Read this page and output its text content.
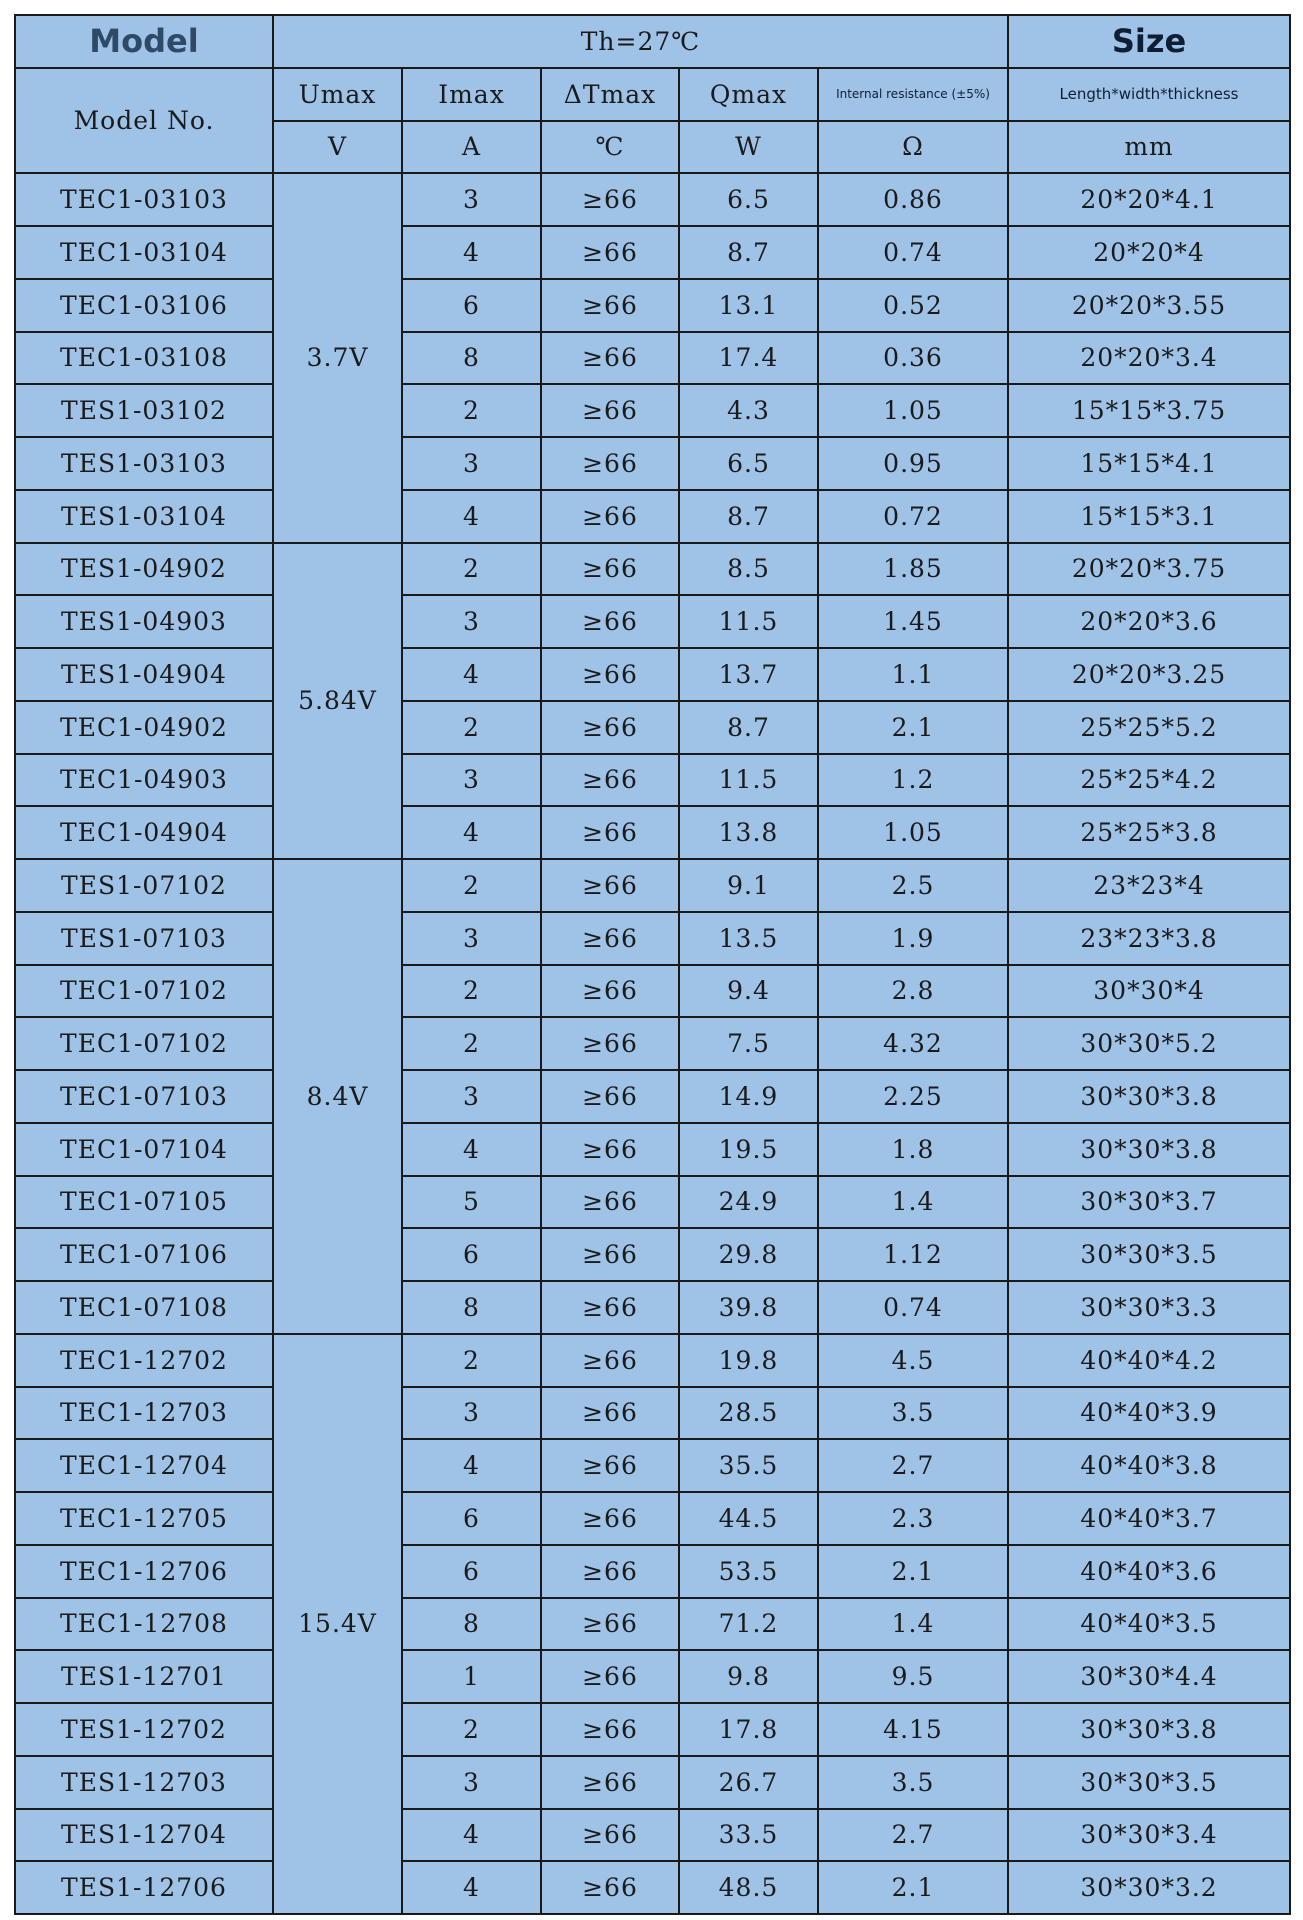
Model	Th=27℃					Size
Model No.	Umax	Imax	ΔTmax	Qmax	Internal resistance (±5%)	Length*width*thickness
	V	A	℃	W	Ω	mm
TEC1-03103	3.7V	3	≥66	6.5	0.86	20*20*4.1
TEC1-03104		4	≥66	8.7	0.74	20*20*4
TEC1-03106		6	≥66	13.1	0.52	20*20*3.55
TEC1-03108		8	≥66	17.4	0.36	20*20*3.4
TES1-03102		2	≥66	4.3	1.05	15*15*3.75
TES1-03103		3	≥66	6.5	0.95	15*15*4.1
TES1-03104		4	≥66	8.7	0.72	15*15*3.1
TES1-04902	5.84V	2	≥66	8.5	1.85	20*20*3.75
TES1-04903		3	≥66	11.5	1.45	20*20*3.6
TES1-04904		4	≥66	13.7	1.1	20*20*3.25
TEC1-04902		2	≥66	8.7	2.1	25*25*5.2
TEC1-04903		3	≥66	11.5	1.2	25*25*4.2
TEC1-04904		4	≥66	13.8	1.05	25*25*3.8
TES1-07102	8.4V	2	≥66	9.1	2.5	23*23*4
TES1-07103		3	≥66	13.5	1.9	23*23*3.8
TEC1-07102		2	≥66	9.4	2.8	30*30*4
TEC1-07102		2	≥66	7.5	4.32	30*30*5.2
TEC1-07103		3	≥66	14.9	2.25	30*30*3.8
TEC1-07104		4	≥66	19.5	1.8	30*30*3.8
TEC1-07105		5	≥66	24.9	1.4	30*30*3.7
TEC1-07106		6	≥66	29.8	1.12	30*30*3.5
TEC1-07108		8	≥66	39.8	0.74	30*30*3.3
TEC1-12702	15.4V	2	≥66	19.8	4.5	40*40*4.2
TEC1-12703		3	≥66	28.5	3.5	40*40*3.9
TEC1-12704		4	≥66	35.5	2.7	40*40*3.8
TEC1-12705		6	≥66	44.5	2.3	40*40*3.7
TEC1-12706		6	≥66	53.5	2.1	40*40*3.6
TEC1-12708		8	≥66	71.2	1.4	40*40*3.5
TES1-12701		1	≥66	9.8	9.5	30*30*4.4
TES1-12702		2	≥66	17.8	4.15	30*30*3.8
TES1-12703		3	≥66	26.7	3.5	30*30*3.5
TES1-12704		4	≥66	33.5	2.7	30*30*3.4
TES1-12706		4	≥66	48.5	2.1	30*30*3.2
